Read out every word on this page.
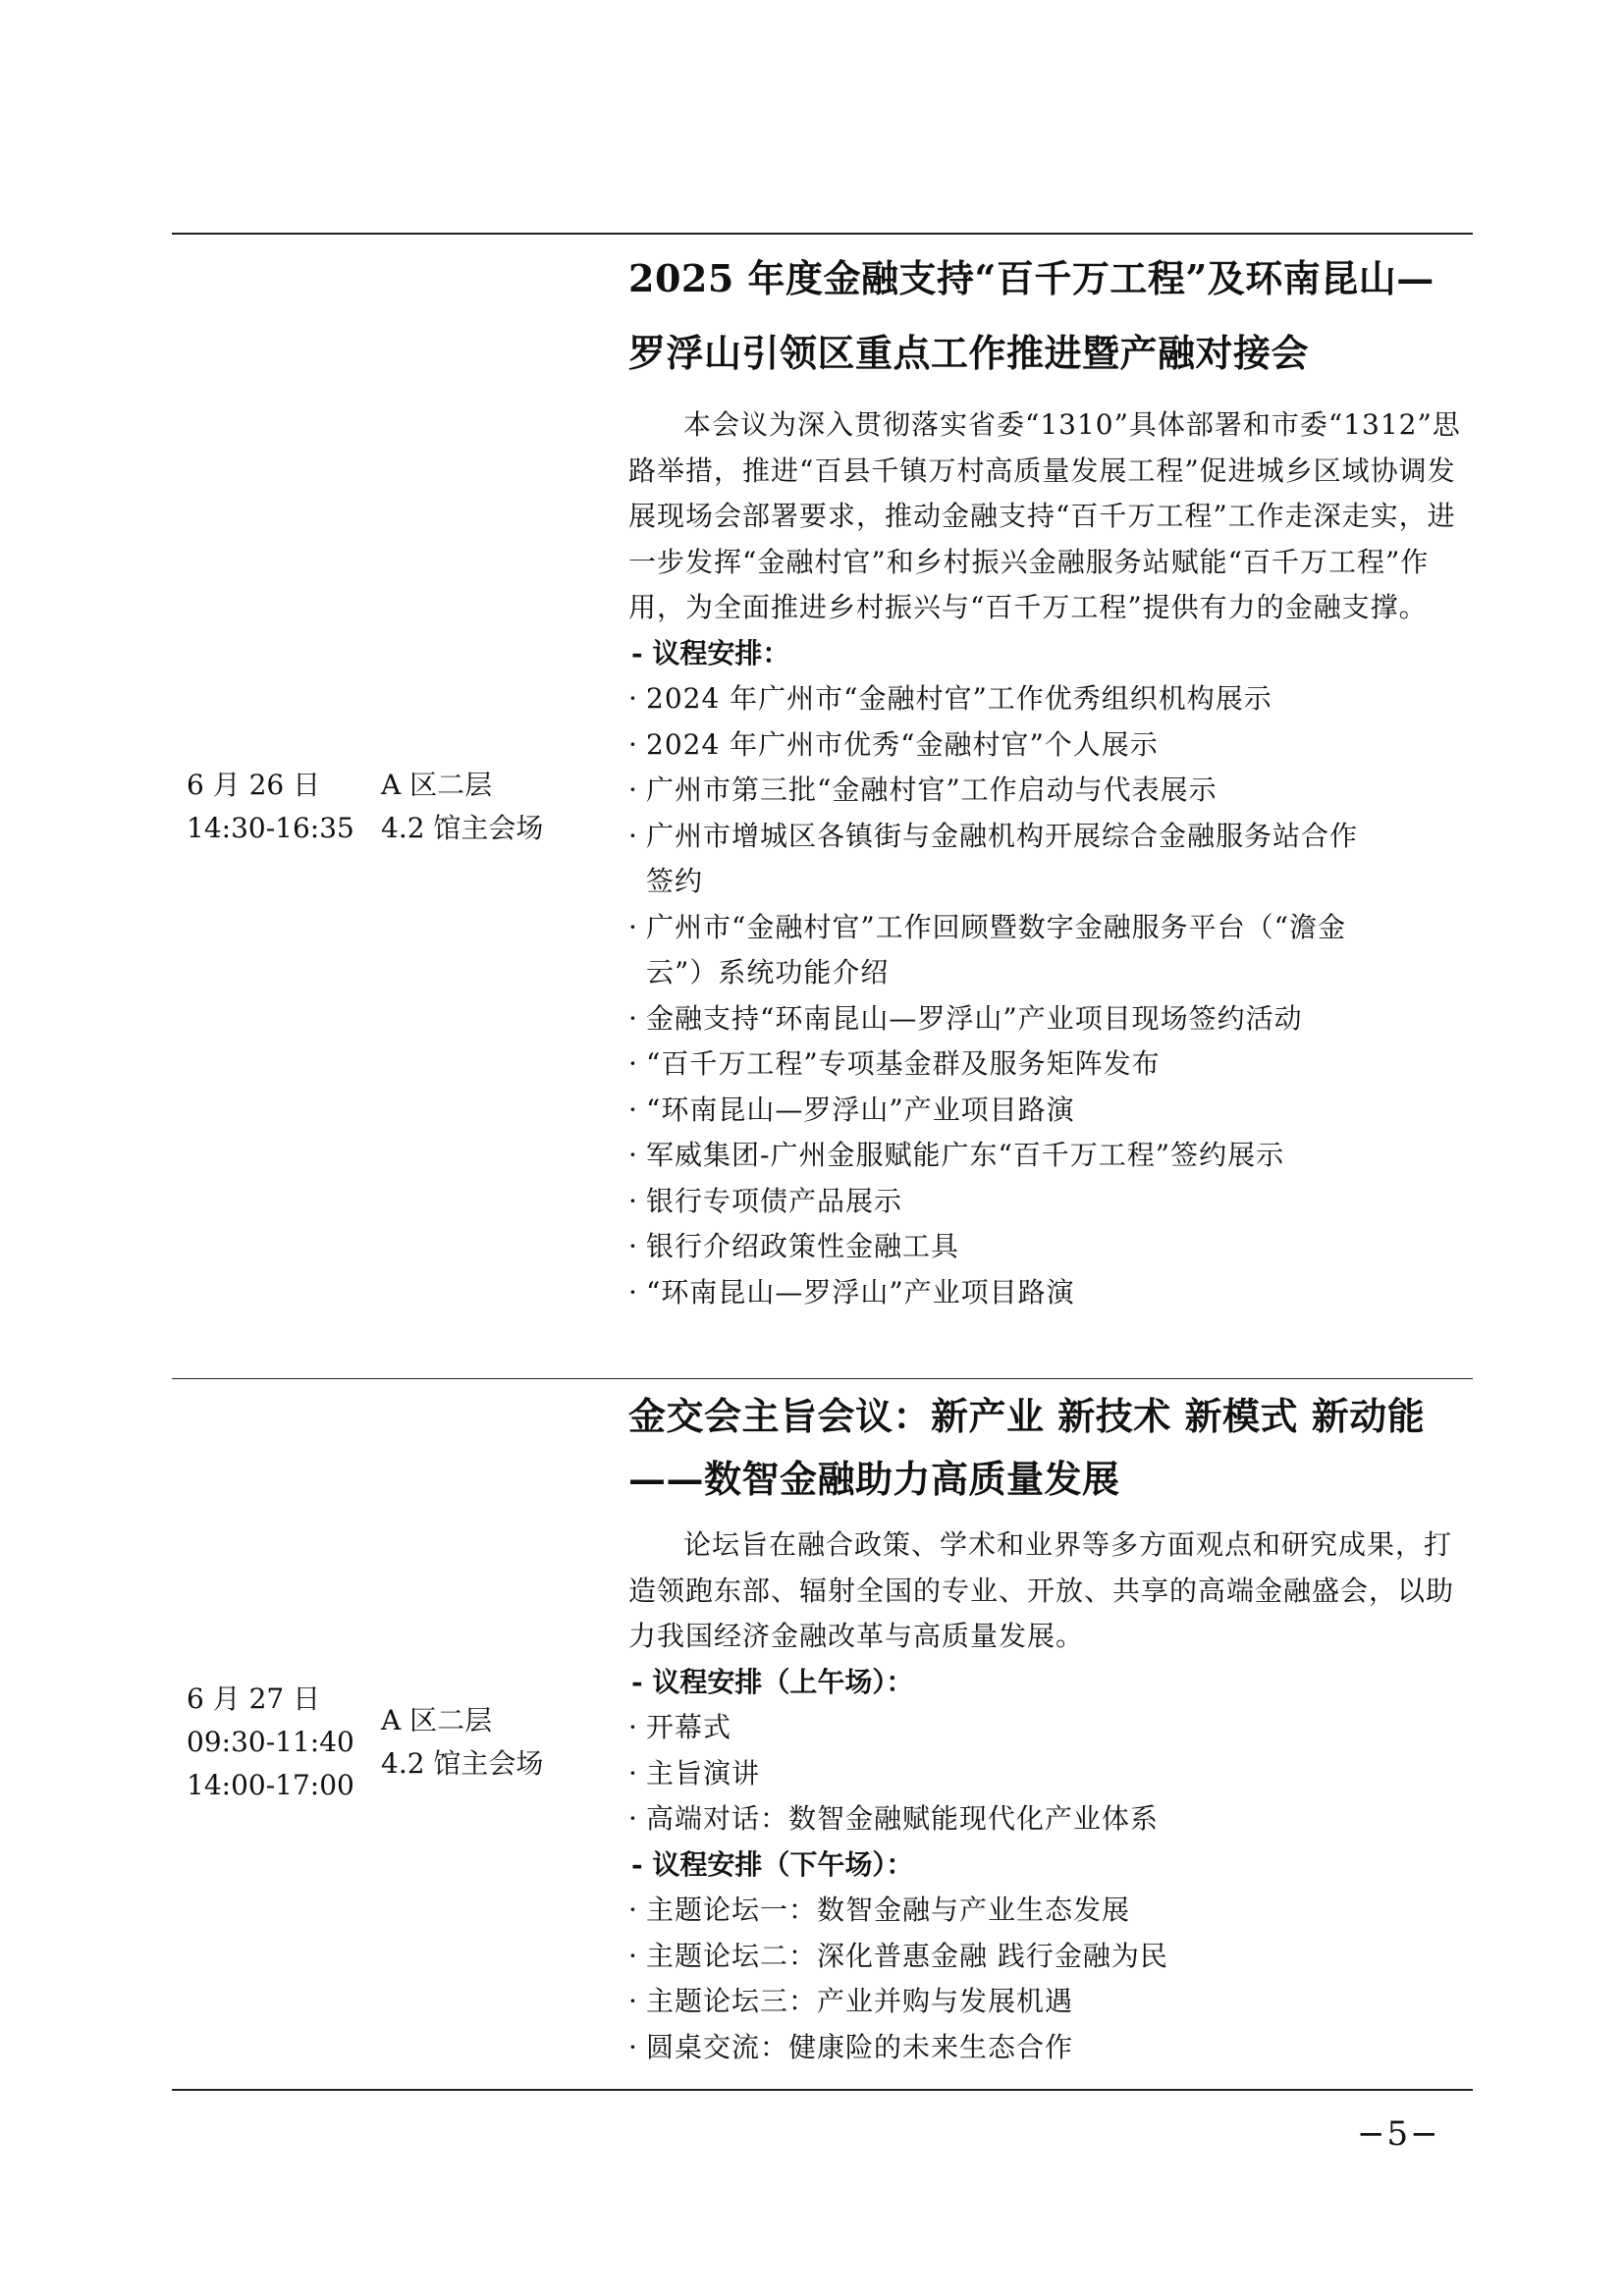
6 月 26 日
14:30-16:35
A 区二层
4.2 馆主会场
2025 年度金融支持“百千万工程”及环南昆山—
罗浮山引领区重点工作推进暨产融对接会

本会议为深入贯彻落实省委“1310”具体部署和市委“1312”思路举措，推进“百县千镇万村高质量发展工程”促进城乡区域协调发展现场会部署要求，推动金融支持“百千万工程”工作走深走实，进一步发挥“金融村官”和乡村振兴金融服务站赋能“百千万工程”作用，为全面推进乡村振兴与“百千万工程”提供有力的金融支撑。

- 议程安排：

· 2024 年广州市“金融村官”工作优秀组织机构展示
· 2024 年广州市优秀“金融村官”个人展示
· 广州市第三批“金融村官”工作启动与代表展示
· 广州市增城区各镇街与金融机构开展综合金融服务站合作签约
· 广州市“金融村官”工作回顾暨数字金融服务平台（“澹金云”）系统功能介绍
· 金融支持“环南昆山—罗浮山”产业项目现场签约活动
· “百千万工程”专项基金群及服务矩阵发布
· “环南昆山—罗浮山”产业项目路演
· 军威集团-广州金服赋能广东“百千万工程”签约展示
· 银行专项债产品展示
· 银行介绍政策性金融工具
· “环南昆山—罗浮山”产业项目路演
6 月 27 日
09:30-11:40
14:00-17:00
A 区二层
4.2 馆主会场
金交会主旨会议：新产业 新技术 新模式 新动能
——数智金融助力高质量发展

论坛旨在融合政策、学术和业界等多方面观点和研究成果，打造领跑东部、辐射全国的专业、开放、共享的高端金融盛会，以助力我国经济金融改革与高质量发展。

- 议程安排（上午场）：

· 开幕式
· 主旨演讲
· 高端对话：数智金融赋能现代化产业体系

- 议程安排（下午场）：

· 主题论坛一：数智金融与产业生态发展
· 主题论坛二：深化普惠金融 践行金融为民
· 主题论坛三：产业并购与发展机遇
· 圆桌交流：健康险的未来生态合作
−5−
